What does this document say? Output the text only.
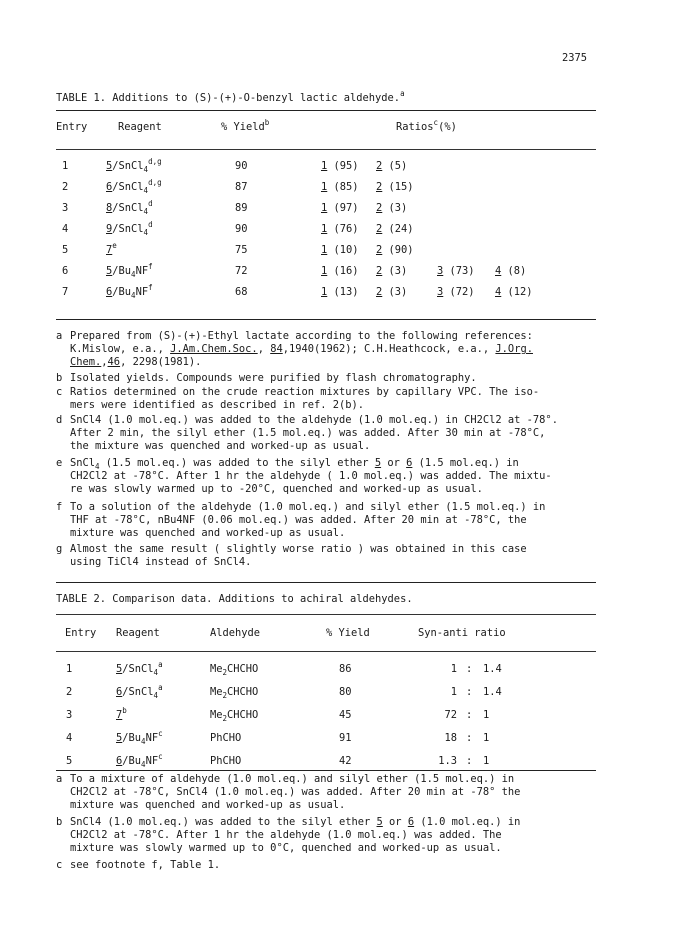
2375
TABLE 1. Additions to (S)-(+)-O-benzyl lactic aldehyde.$^a$
Entry	Reagent	% Yield$^b$	Ratios$^c$(%)
1	5/SnCl$_4^{d,g}$	90	1 (95) 2 (5)
2	6/SnCl$_4^{d,g}$	87	1 (85) 2 (15)
3	8/SnCl$_4^d$	89	1 (97) 2 (3)
4	9/SnCl$_4^d$	90	1 (76) 2 (24)
5	7e	75	1 (10) 2 (90)
6	$5/Bu_4NF^f$	72	1 (16) 2 (3)	3 (73) 4 (8)
7	$6/Bu_4NF^f$	68	1 (13) 2 (3)	3 (72) 4 (12)
a Prepared from (S)-(+)-Ethyl lactate according to the following references:
K.Mislow, e.a., J.Am.Chem.Soc., 84,1940(1962); C.H.Heathcock, e.a., J.Org.
Chem.,46, 2298(1981).
b Isolated yields. Compounds were purified by flash chromatography.
c Ratios determined on the crude reaction mixtures by capillary VPC. The iso-
mers were identified as described in ref. 2(b).
d SnCl4 (1.0 mol.eq.) was added to the aldehyde (1.0 mol.eq.) in CH2Cl2 at -78°.
After 2 min, the silyl ether (1.5 mol.eq.) was added. After 30 min at -78°C,
the mixture was quenched and worked-up as usual.
e SnCl$_4$ (1.5 mol.eq.) was added to the silyl ether 5 or 6 (1.5 mol.eq.) in
CH2Cl2 at -78°C. After 1 hr the aldehyde ( 1.0 mol.eq.) was added. The mixtu-
re was slowly warmed up to -20°C, quenched and worked-up as usual.
f To a solution of the aldehyde (1.0 mol.eq.) and silyl ether (1.5 mol.eq.) in
THF at -78°C, nBu4NF (0.06 mol.eq.) was added. After 20 min at -78°C, the
mixture was quenched and worked-up as usual.
g Almost the same result ( slightly worse ratio ) was obtained in this case
using TiCl4 instead of SnCl4.
TABLE 2. Comparison data. Additions to achiral aldehydes.
Entry Reagent	Aldehyde	% Yield	Syn-anti ratio
1	5/SnCl$_4^a$	$Me_2CHCHO$	86	1 : 1.4
2	6/SnCl$_4^a$	$Me_2CHCHO$	80	1 : 1.4
3	7$^b$	$Me_2CHCHO$	45	72 : 1
4	$5/Bu_4NF^c$	PhCHO	91	18 : 1
5	$6/Bu_4NF^c$	PhCHO	42	1.3 : 1
a To a mixture of aldehyde (1.0 mol.eq.) and silyl ether (1.5 mol.eq.) in
CH2Cl2 at -78°C, SnCl4 (1.0 mol.eq.) was added. After 20 min at -78° the
mixture was quenched and worked-up as usual.
b SnCl4 (1.0 mol.eq.) was added to the silyl ether 5 or 6 (1.0 mol.eq.) in
CH2Cl2 at -78°C. After 1 hr the aldehyde (1.0 mol.eq.) was added. The
mixture was slowly warmed up to 0°C, quenched and worked-up as usual.
c see footnote f, Table 1.
